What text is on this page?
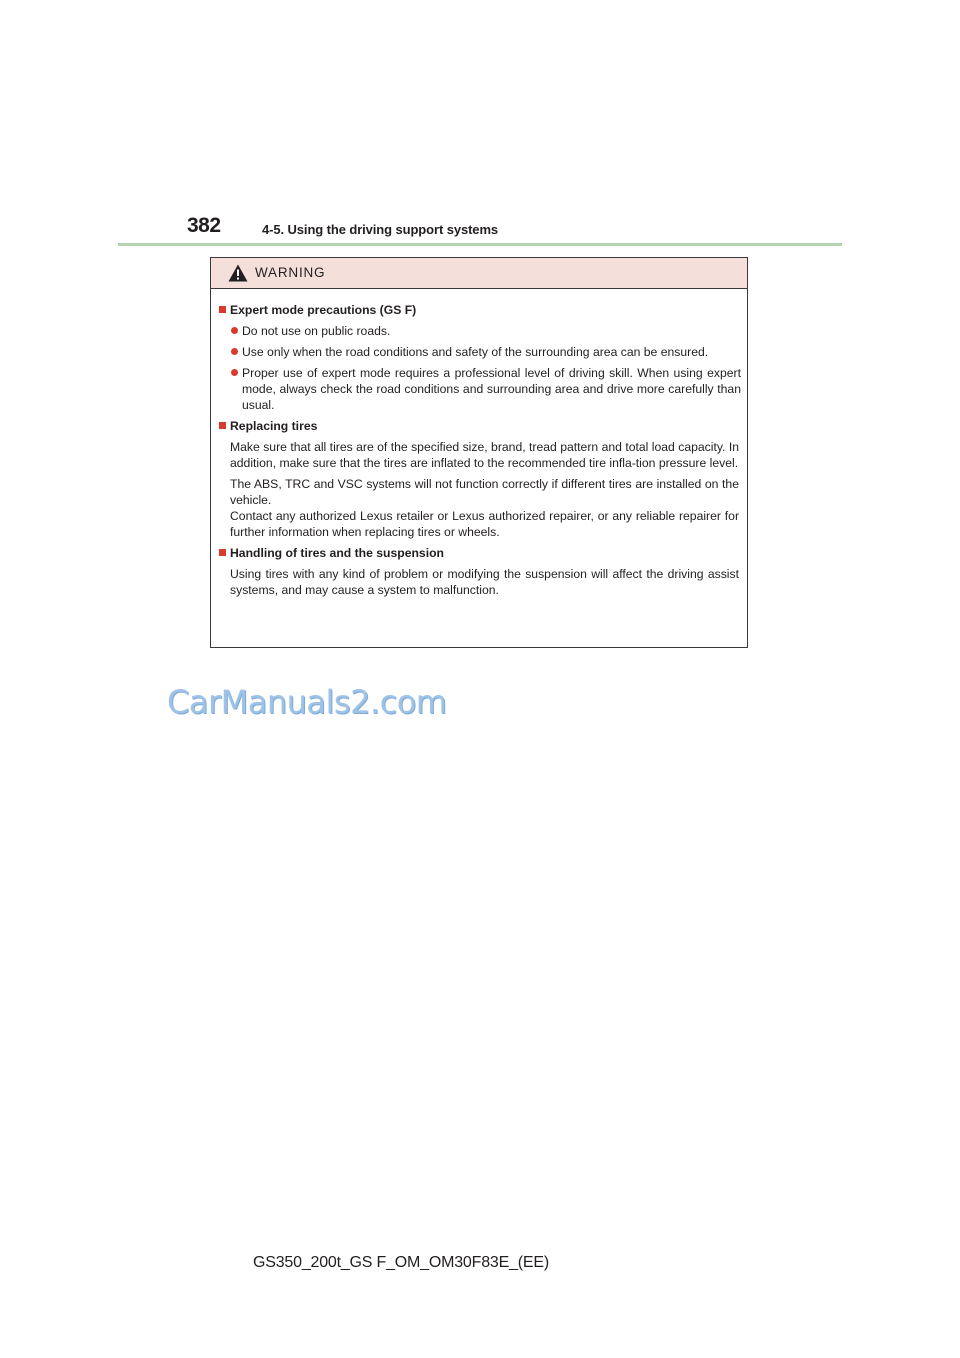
382	4-5. Using the driving support systems
WARNING
Expert mode precautions (GS F)
Do not use on public roads.
Use only when the road conditions and safety of the surrounding area can be ensured.
Proper use of expert mode requires a professional level of driving skill. When using expert mode, always check the road conditions and surrounding area and drive more carefully than usual.
Replacing tires
Make sure that all tires are of the specified size, brand, tread pattern and total load capacity. In addition, make sure that the tires are inflated to the recommended tire infla-tion pressure level.
The ABS, TRC and VSC systems will not function correctly if different tires are installed on the vehicle.
Contact any authorized Lexus retailer or Lexus authorized repairer, or any reliable repairer for further information when replacing tires or wheels.
Handling of tires and the suspension
Using tires with any kind of problem or modifying the suspension will affect the driving assist systems, and may cause a system to malfunction.
CarManuals2.com
GS350_200t_GS F_OM_OM30F83E_(EE)
